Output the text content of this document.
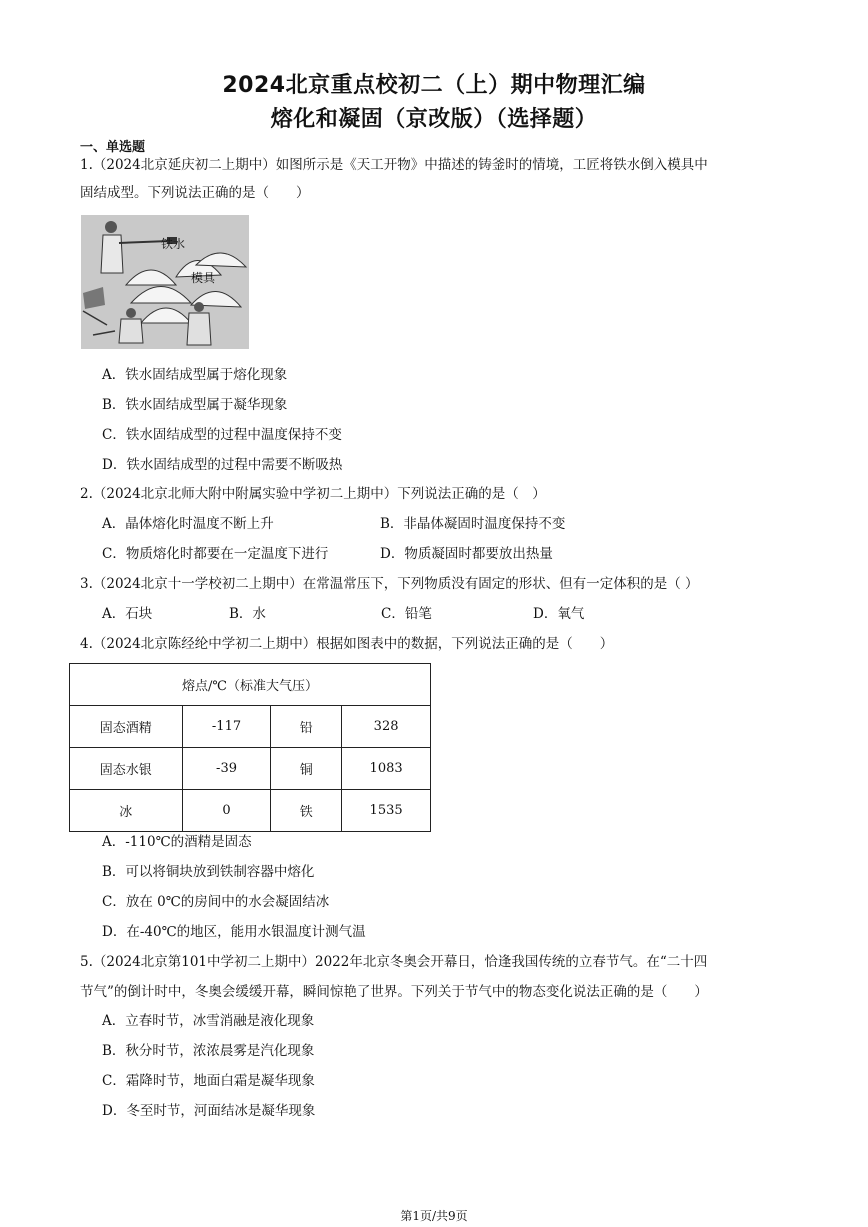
2024北京重点校初二（上）期中物理汇编
熔化和凝固（京改版）（选择题）
一、单选题
1.（2024北京延庆初二上期中）如图所示是《天工开物》中描述的铸釜时的情境，工匠将铁水倒入模具中
固结成型。下列说法正确的是（　　）
铁水
模具
A．铁水固结成型属于熔化现象
B．铁水固结成型属于凝华现象
C．铁水固结成型的过程中温度保持不变
D．铁水固结成型的过程中需要不断吸热
2.（2024北京北师大附中附属实验中学初二上期中）下列说法正确的是（　）
A．晶体熔化时温度不断上升	B．非晶体凝固时温度保持不变
C．物质熔化时都要在一定温度下进行	D．物质凝固时都要放出热量
3.（2024北京十一学校初二上期中）在常温常压下，下列物质没有固定的形状、但有一定体积的是（ ）
A．石块	B．水	C．铅笔	D．氧气
4.（2024北京陈经纶中学初二上期中）根据如图表中的数据，下列说法正确的是（　　）
熔点/℃（标准大气压）			
固态酒精	-117	铅	328
固态水银	-39	铜	1083
冰	0	铁	1535
A．-110℃的酒精是固态
B．可以将铜块放到铁制容器中熔化
C．放在 0℃的房间中的水会凝固结冰
D．在-40℃的地区，能用水银温度计测气温
5.（2024北京第101中学初二上期中）2022年北京冬奥会开幕日，恰逢我国传统的立春节气。在“二十四
节气”的倒计时中，冬奥会缓缓开幕，瞬间惊艳了世界。下列关于节气中的物态变化说法正确的是（　　）
A．立春时节，冰雪消融是液化现象
B．秋分时节，浓浓晨雾是汽化现象
C．霜降时节，地面白霜是凝华现象
D．冬至时节，河面结冰是凝华现象
第1页/共9页
